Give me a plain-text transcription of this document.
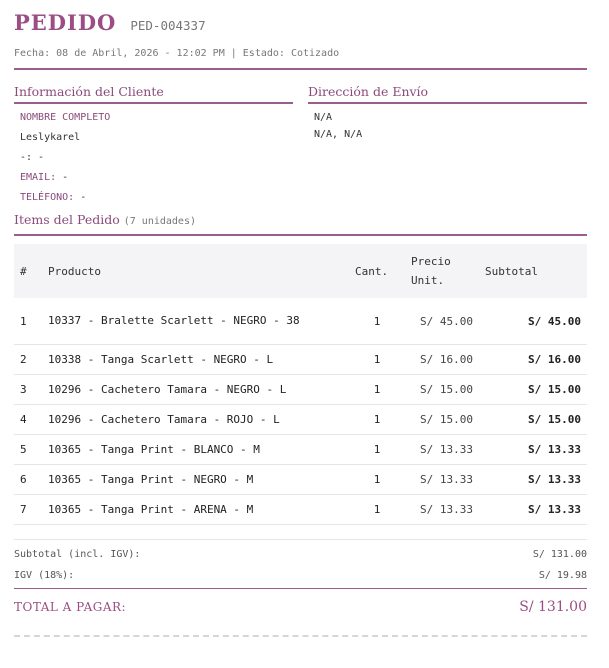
PEDIDO PED-004337
Fecha: 08 de Abril, 2026 - 12:02 PM | Estado: Cotizado
Información del Cliente
NOMBRE COMPLETO
Leslykarel
-: -
EMAIL: -
TELÉFONO: -
Dirección de Envío
N/A
N/A, N/A
Items del Pedido (7 unidades)
#	Producto	Cant.	Precio Unit.	Subtotal
1	10337 - Bralette Scarlett - NEGRO - 38	1	S/ 45.00	S/ 45.00
2	10338 - Tanga Scarlett - NEGRO - L	1	S/ 16.00	S/ 16.00
3	10296 - Cachetero Tamara - NEGRO - L	1	S/ 15.00	S/ 15.00
4	10296 - Cachetero Tamara - ROJO - L	1	S/ 15.00	S/ 15.00
5	10365 - Tanga Print - BLANCO - M	1	S/ 13.33	S/ 13.33
6	10365 - Tanga Print - NEGRO - M	1	S/ 13.33	S/ 13.33
7	10365 - Tanga Print - ARENA - M	1	S/ 13.33	S/ 13.33
Subtotal (incl. IGV):	S/ 131.00
IGV (18%):	S/ 19.98
TOTAL A PAGAR:	S/ 131.00
